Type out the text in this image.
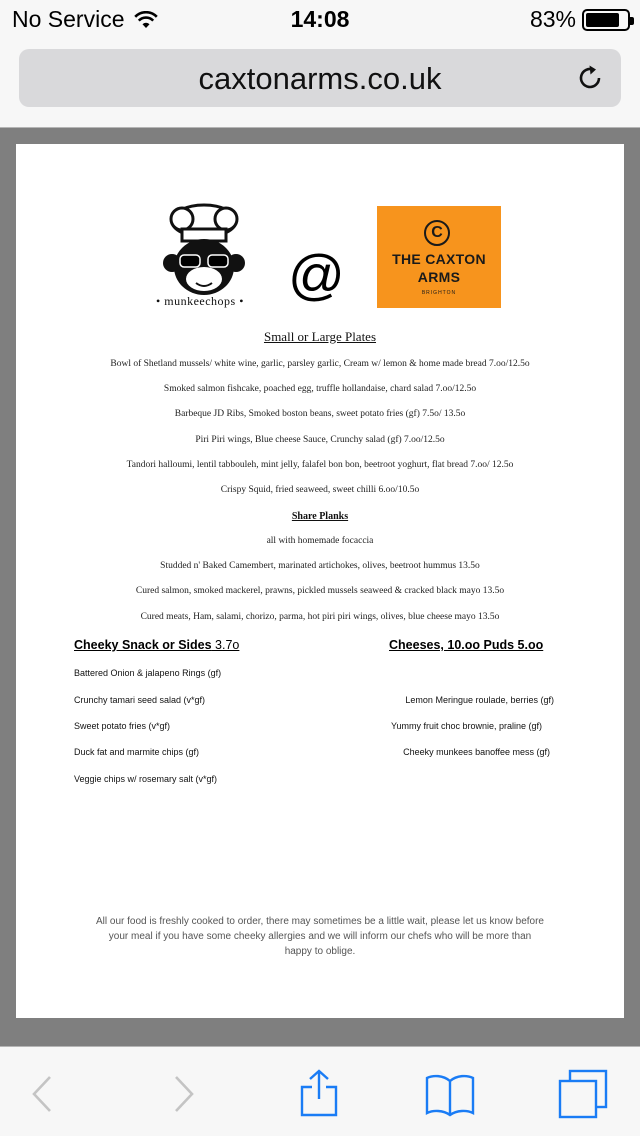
No Service	14:08	83%
caxtonarms.co.uk
• munkeechops • @
C
THE CAXTON
ARMS
BRIGHTON
Small or Large Plates
Bowl of Shetland mussels/ white wine, garlic, parsley garlic, Cream w/ lemon & home made bread 7.oo/12.5o
Smoked salmon fishcake, poached egg, truffle hollandaise, chard salad 7.oo/12.5o
Barbeque JD Ribs, Smoked boston beans, sweet potato fries (gf) 7.5o/ 13.5o
Piri Piri wings, Blue cheese Sauce, Crunchy salad (gf) 7.oo/12.5o
Tandori halloumi, lentil tabbouleh, mint jelly, falafel bon bon, beetroot yoghurt, flat bread 7.oo/ 12.5o
Crispy Squid, fried seaweed, sweet chilli 6.oo/10.5o
Share Planks
all with homemade focaccia
Studded n' Baked Camembert, marinated artichokes, olives, beetroot hummus 13.5o
Cured salmon, smoked mackerel, prawns, pickled mussels seaweed & cracked black mayo 13.5o
Cured meats, Ham, salami, chorizo, parma, hot piri piri wings, olives, blue cheese mayo 13.5o
Cheeky Snack or Sides 3.7o
Battered Onion & jalapeno Rings (gf)
Crunchy tamari seed salad (v*gf)
Sweet potato fries (v*gf)
Duck fat and marmite chips (gf)
Veggie chips w/ rosemary salt (v*gf)
Cheeses, 10.oo Puds 5.oo
Lemon Meringue roulade, berries (gf)
Yummy fruit choc brownie, praline (gf)
Cheeky munkees banoffee mess (gf)
All our food is freshly cooked to order, there may sometimes be a little wait, please let us know before your meal if you have some cheeky allergies and we will inform our chefs who will be more than happy to oblige.
